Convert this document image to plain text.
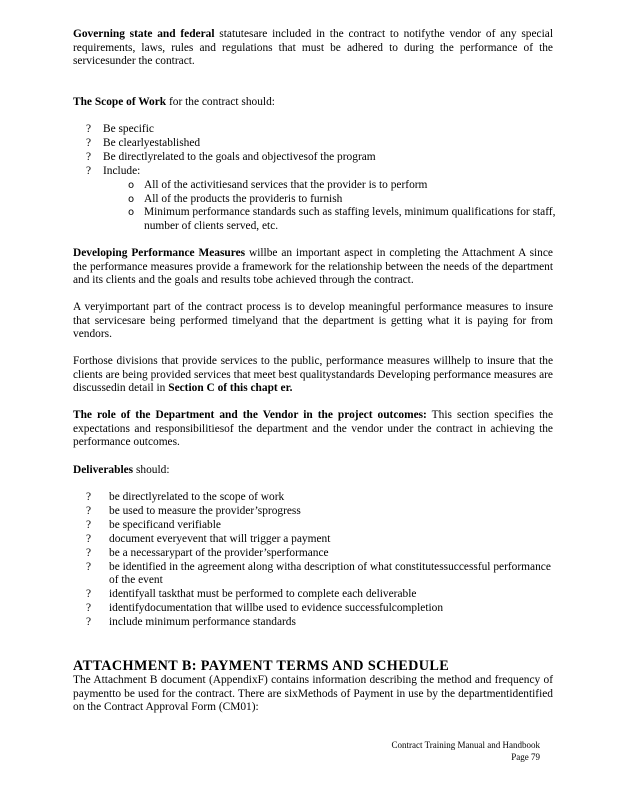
Governing state and federal statutesare included in the contract to notifythe vendor of any special requirements, laws, rules and regulations that must be adhered to during the performance of the servicesunder the contract.

The Scope of Work for the contract should:

? Be specific
? Be clearlyestablished
? Be directlyrelated to the goals and objectivesof the program
? Include:
o All of the activitiesand services that the provider is to perform
o All of the products the provideris to furnish
o Minimum performance standards such as staffing levels, minimum qualifications for staff, number of clients served, etc.

Developing Performance Measures willbe an important aspect in completing the Attachment A since the performance measures provide a framework for the relationship between the needs of the department and its clients and the goals and results tobe achieved through the contract.

A veryimportant part of the contract process is to develop meaningful performance measures to insure that servicesare being performed timelyand that the department is getting what it is paying for from vendors.

Forthose divisions that provide services to the public, performance measures willhelp to insure that the clients are being provided services that meet best qualitystandards Developing performance measures are discussedin detail in Section C of this chapt er.

The role of the Department and the Vendor in the project outcomes: This section specifies the expectations and responsibilitiesof the department and the vendor under the contract in achieving the performance outcomes.

Deliverables should:

? be directlyrelated to the scope of work
? be used to measure the provider’sprogress
? be specificand verifiable
? document everyevent that will trigger a payment
? be a necessarypart of the provider’sperformance
? be identified in the agreement along witha description of what constitutessuccessful performance of the event
? identifyall taskthat must be performed to complete each deliverable
? identifydocumentation that willbe used to evidence successfulcompletion
? include minimum performance standards
ATTACHMENT B: PAYMENT TERMS AND SCHEDULE

The Attachment B document (AppendixF) contains information describing the method and frequency of paymentto be used for the contract. There are sixMethods of Payment in use by the departmentidentified on the Contract Approval Form (CM01):

Contract Training Manual and Handbook
Page 79
